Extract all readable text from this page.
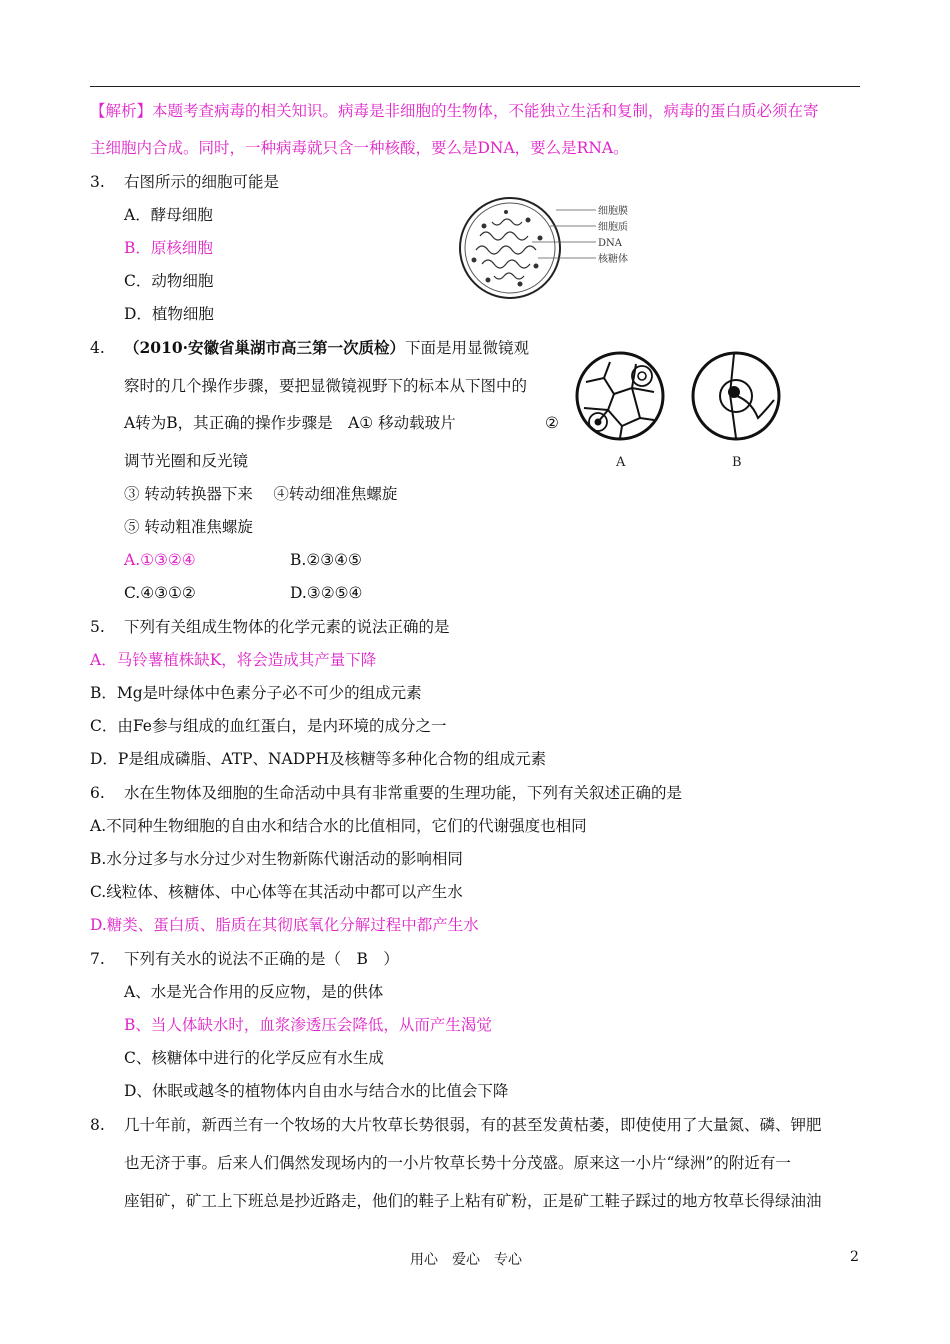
【解析】本题考查病毒的相关知识。病毒是非细胞的生物体，不能独立生活和复制，病毒的蛋白质必须在寄
主细胞内合成。同时，一种病毒就只含一种核酸，要么是DNA，要么是RNA。
3. 右图所示的细胞可能是
A．酵母细胞
B．原核细胞
C．动物细胞
D．植物细胞
细胞膜
细胞质
DNA
核糖体
4. （2010·安徽省巢湖市高三第一次质检）下面是用显微镜观
察时的几个操作步骤，要把显微镜视野下的标本从下图中的
A转为B，其正确的操作步骤是　A① 移动载玻片	②
调节光圈和反光镜
③ 转动转换器下来　 ④转动细准焦螺旋
⑤ 转动粗准焦螺旋
A.①③②④	B.②③④⑤
C.④③①②	D.③②⑤④
A	B
5. 下列有关组成生物体的化学元素的说法正确的是
A．马铃薯植株缺K，将会造成其产量下降
B．Mg是叶绿体中色素分子必不可少的组成元素
C．由Fe参与组成的血红蛋白，是内环境的成分之一
D．P是组成磷脂、ATP、NADPH及核糖等多种化合物的组成元素
6. 水在生物体及细胞的生命活动中具有非常重要的生理功能，下列有关叙述正确的是
A.不同种生物细胞的自由水和结合水的比值相同，它们的代谢强度也相同
B.水分过多与水分过少对生物新陈代谢活动的影响相同
C.线粒体、核糖体、中心体等在其活动中都可以产生水
D.糖类、蛋白质、脂质在其彻底氧化分解过程中都产生水
7. 下列有关水的说法不正确的是（　B　）
A、水是光合作用的反应物，是的供体
B、当人体缺水时，血浆渗透压会降低，从而产生渴觉
C、核糖体中进行的化学反应有水生成
D、休眠或越冬的植物体内自由水与结合水的比值会下降
8. 几十年前，新西兰有一个牧场的大片牧草长势很弱，有的甚至发黄枯萎，即使使用了大量氮、磷、钾肥
也无济于事。后来人们偶然发现场内的一小片牧草长势十分茂盛。原来这一小片“绿洲”的附近有一
座钼矿，矿工上下班总是抄近路走，他们的鞋子上粘有矿粉，正是矿工鞋子踩过的地方牧草长得绿油油
用心　爱心　专心	2
